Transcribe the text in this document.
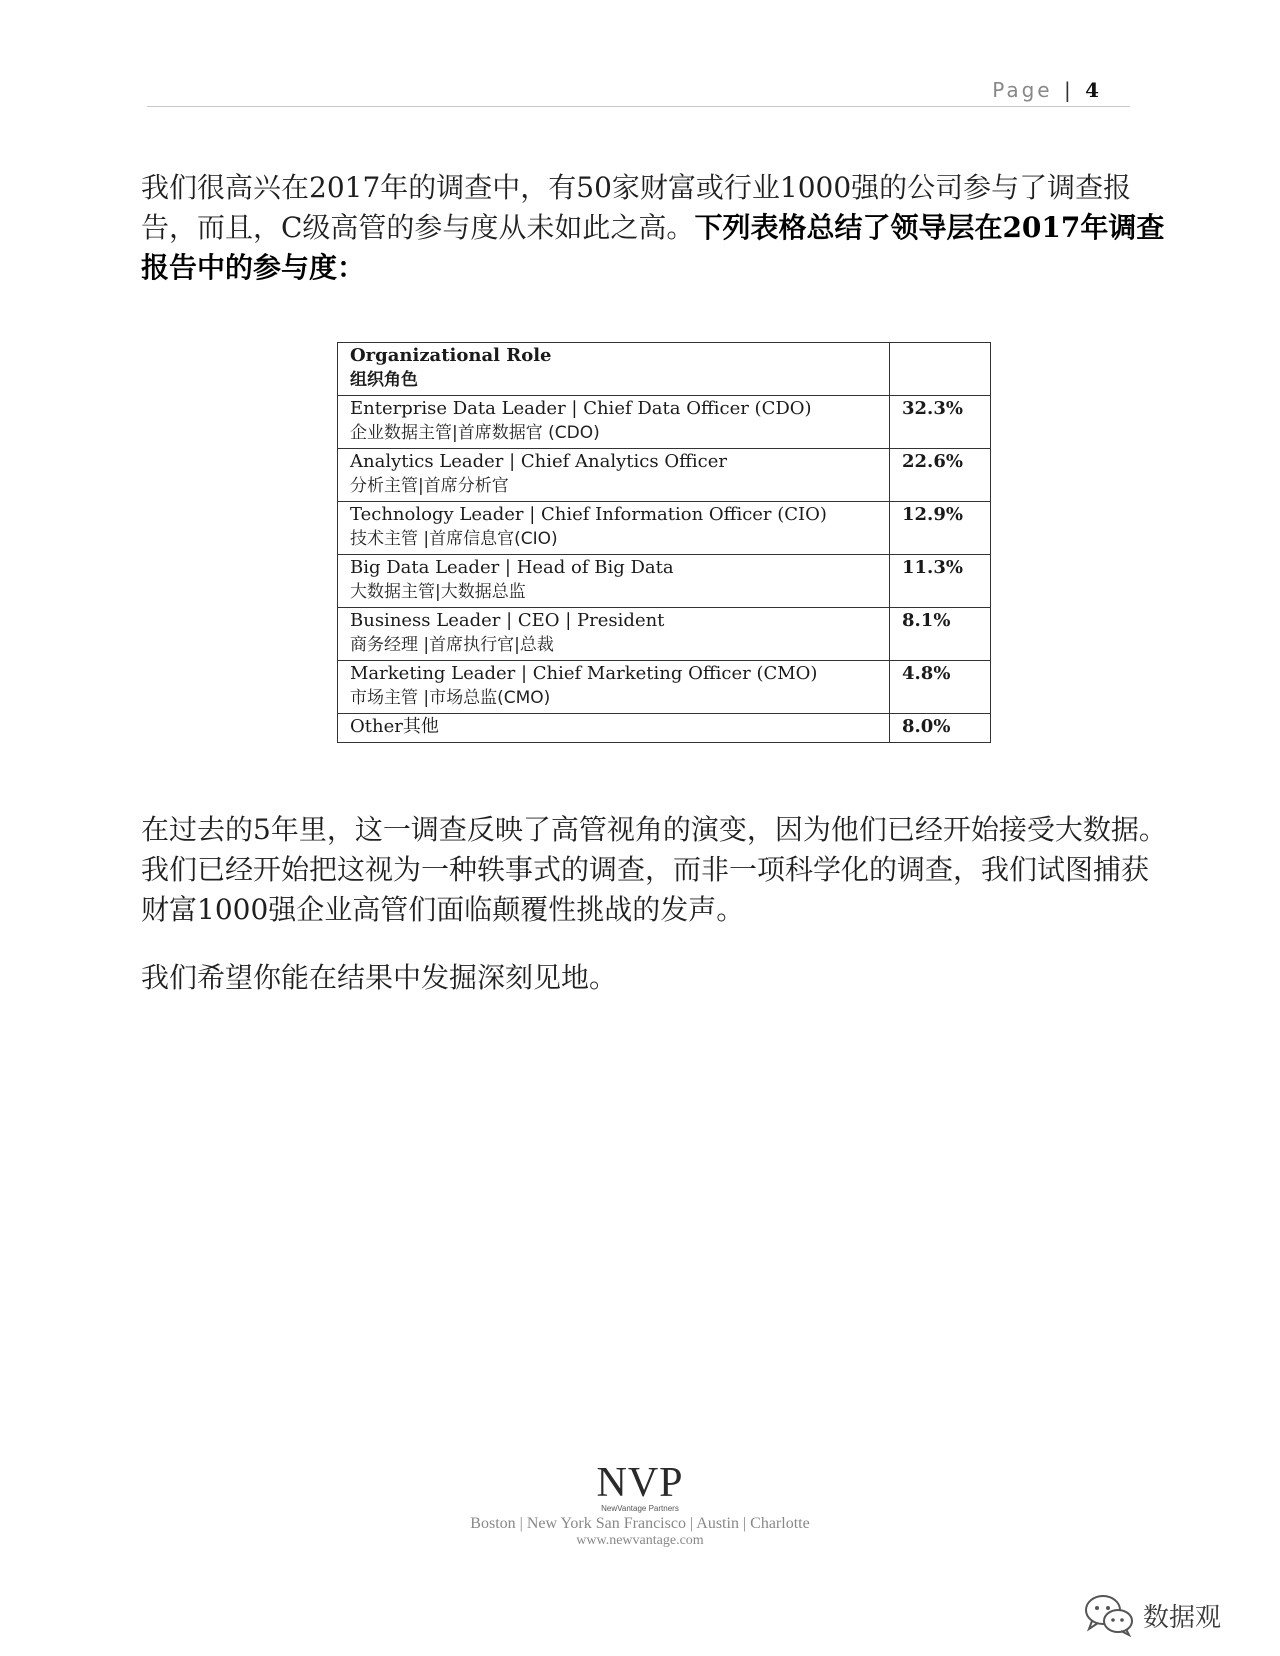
Page | 4
我们很高兴在2017年的调查中，有50家财富或行业1000强的公司参与了调查报告，而且，C级高管的参与度从未如此之高。下列表格总结了领导层在2017年调查报告中的参与度：
Organizational Role
组织角色	

Enterprise Data Leader | Chief Data Officer (CDO)
企业数据主管|首席数据官 (CDO)	32.3%

Analytics Leader | Chief Analytics Officer
分析主管|首席分析官	22.6%

Technology Leader | Chief Information Officer (CIO)
技术主管 |首席信息官(CIO)	12.9%

Big Data Leader | Head of Big Data
大数据主管|大数据总监	11.3%

Business Leader | CEO | President
商务经理 |首席执行官|总裁	8.1%

Marketing Leader | Chief Marketing Officer (CMO)
市场主管 |市场总监(CMO)	4.8%

Other其他	8.0%
在过去的5年里，这一调查反映了高管视角的演变，因为他们已经开始接受大数据。我们已经开始把这视为一种轶事式的调查，而非一项科学化的调查，我们试图捕获财富1000强企业高管们面临颠覆性挑战的发声。
我们希望你能在结果中发掘深刻见地。
NVP
NewVantage Partners
Boston | New York San Francisco | Austin | Charlotte
www.newvantage.com
数据观
